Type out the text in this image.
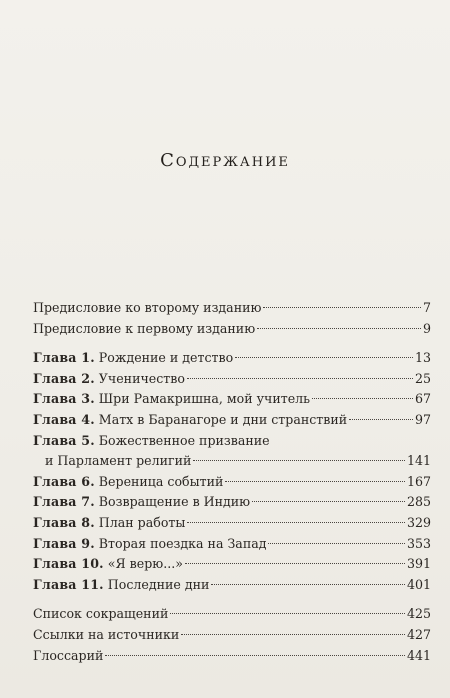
Содержание
Предисловие ко второму изданию	7
Предисловие к первому изданию	9
Глава 1. Рождение и детство	13
Глава 2. Ученичество	25
Глава 3. Шри Рамакришна, мой учитель	67
Глава 4. Матх в Баранагоре и дни странствий	97
Глава 5. Божественное призвание
и Парламент религий	141
Глава 6. Вереница событий	167
Глава 7. Возвращение в Индию	285
Глава 8. План работы	329
Глава 9. Вторая поездка на Запад	353
Глава 10. «Я верю...»	391
Глава 11. Последние дни	401
Список сокращений	425
Ссылки на источники	427
Глоссарий	441
